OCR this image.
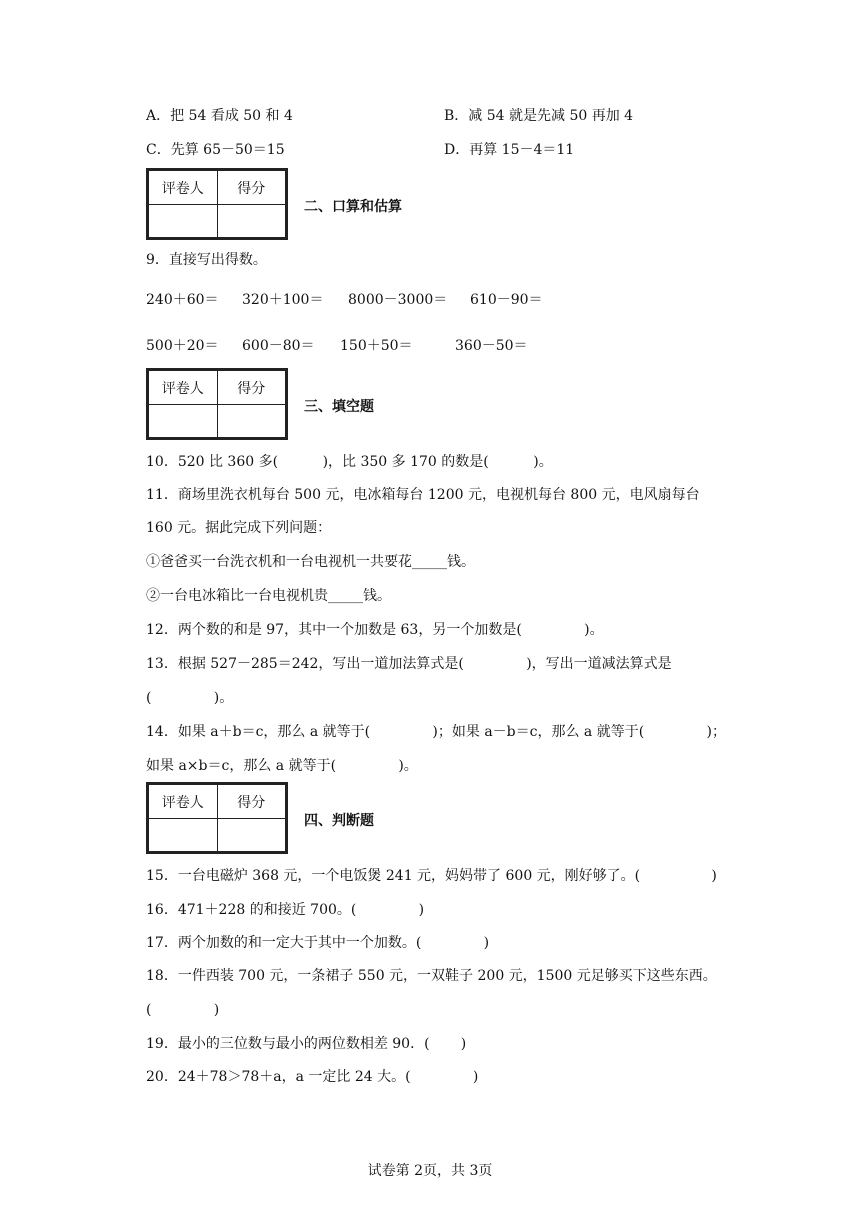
A．把 54 看成 50 和 4	B．减 54 就是先减 50 再加 4
C．先算 65－50＝15	D．再算 15－4＝11
评卷人	得分

二、口算和估算
9．直接写出得数。
240＋60＝ 320＋100＝ 8000－3000＝ 610－90＝
500＋20＝ 600－80＝ 150＋50＝	360－50＝
评卷人	得分

三、填空题
10．520 比 360 多(          )，比 350 多 170 的数是(          )。
11．商场里洗衣机每台 500 元，电冰箱每台 1200 元，电视机每台 800 元，电风扇每台
160 元。据此完成下列问题：
①爸爸买一台洗衣机和一台电视机一共要花_____钱。
②一台电冰箱比一台电视机贵_____钱。
12．两个数的和是 97，其中一个加数是 63，另一个加数是(              )。
13．根据 527－285＝242，写出一道加法算式是(              )，写出一道减法算式是
(              )。
14．如果 a＋b＝c，那么 a 就等于(              )；如果 a－b＝c，那么 a 就等于(              )；
如果 a×b＝c，那么 a 就等于(              )。
评卷人	得分

四、判断题
15．一台电磁炉 368 元，一个电饭煲 241 元，妈妈带了 600 元，刚好够了。(                )
16．471＋228 的和接近 700。(              )
17．两个加数的和一定大于其中一个加数。(              )
18．一件西装 700 元，一条裙子 550 元，一双鞋子 200 元，1500 元足够买下这些东西。
(              )
19．最小的三位数与最小的两位数相差 90．(       )
20．24＋78＞78＋a，a 一定比 24 大。(              )
试卷第 2页，共 3页
